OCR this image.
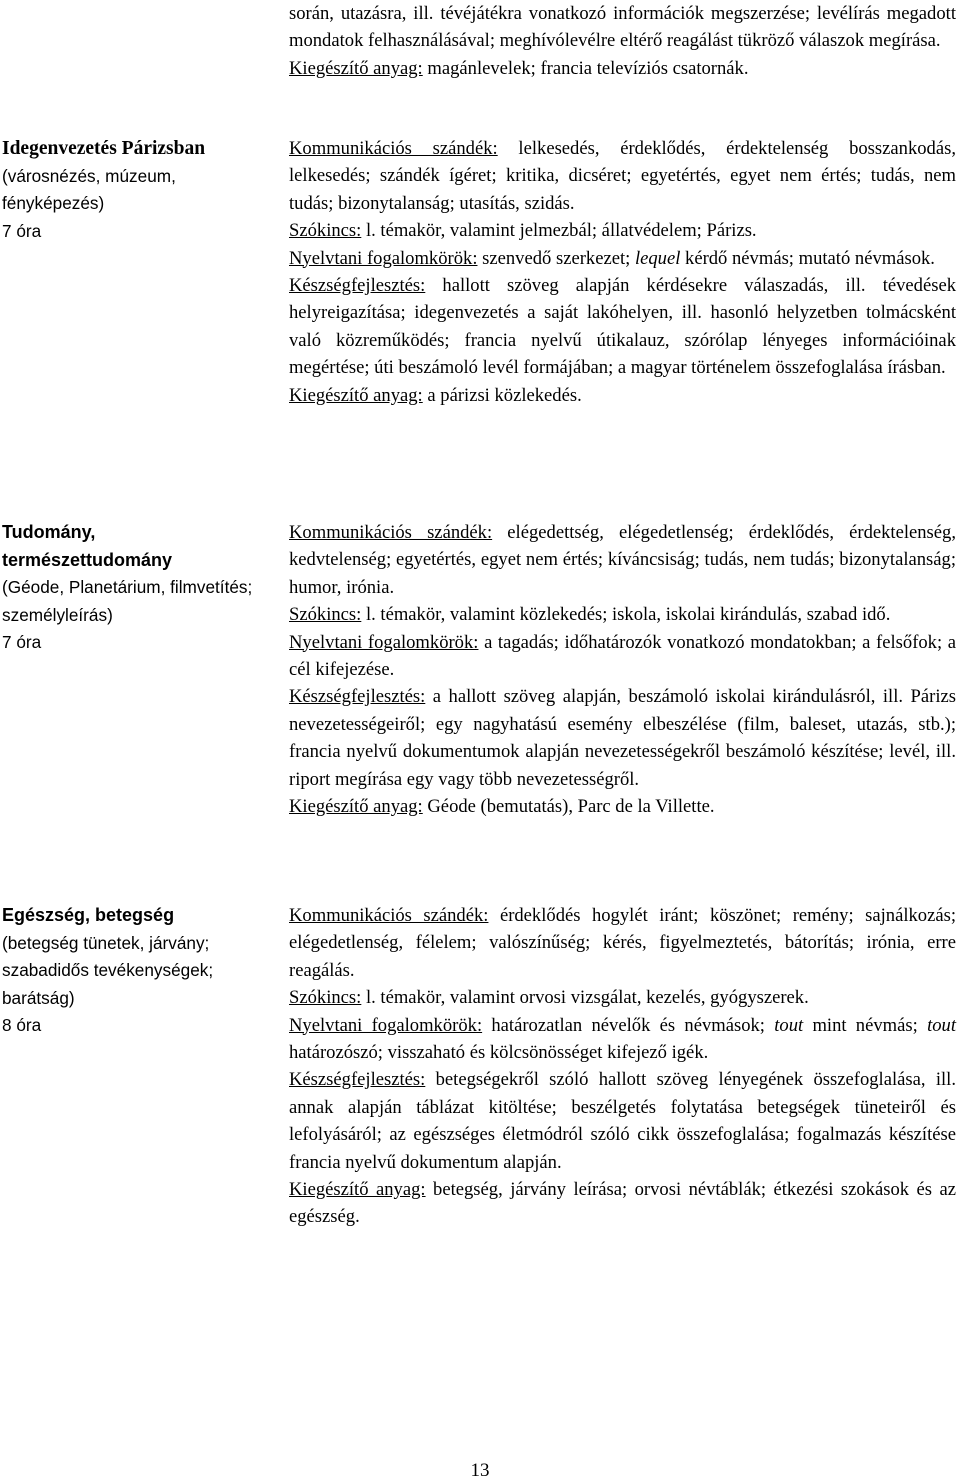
során, utazásra, ill. tévéjátékra vonatkozó információk megszerzése; levélírás megadott mondatok felhasználásával; meghívólevélre eltérő reagálást tükröző válaszok megírása.
Kiegészítő anyag: magánlevelek; francia televíziós csatornák.

Idegenvezetés Párizsban
(városnézés, múzeum, fényképezés)
7 óra

Kommunikációs szándék: lelkesedés, érdeklődés, érdektelenség bosszankodás, lelkesedés; szándék ígéret; kritika, dicséret; egyetértés, egyet nem értés; tudás, nem tudás; bizonytalanság; utasítás, szidás.

Szókincs: l. témakör, valamint jelmezbál; állatvédelem; Párizs.

Nyelvtani fogalomkörök: szenvedő szerkezet; lequel kérdő névmás; mutató névmások.

Készségfejlesztés: hallott szöveg alapján kérdésekre válaszadás, ill. tévedések helyreigazítása; idegenvezetés a saját lakóhelyen, ill. hasonló helyzetben tolmácsként való közreműködés; francia nyelvű útikalauz, szórólap lényeges információinak megértése; úti beszámoló levél formájában; a magyar történelem összefoglalása írásban.

Kiegészítő anyag: a párizsi közlekedés.

Tudomány,
természettudomány
(Géode, Planetárium, filmvetítés; személyleírás)
7 óra

Kommunikációs szándék: elégedettség, elégedetlenség; érdeklődés, érdektelenség, kedvtelenség; egyetértés, egyet nem értés; kíváncsiság; tudás, nem tudás; bizonytalanság; humor, irónia.

Szókincs: l. témakör, valamint közlekedés; iskola, iskolai kirándulás, szabad idő.

Nyelvtani fogalomkörök: a tagadás; időhatározók vonatkozó mondatokban; a felsőfok; a cél kifejezése.

Készségfejlesztés: a hallott szöveg alapján, beszámoló iskolai kirándulásról, ill. Párizs nevezetességeiről; egy nagyhatású esemény elbeszélése (film, baleset, utazás, stb.); francia nyelvű dokumentumok alapján nevezetességekről beszámoló készítése; levél, ill. riport megírása egy vagy több nevezetességről.

Kiegészítő anyag: Géode (bemutatás), Parc de la Villette.

Egészség, betegség
(betegség tünetek, járvány; szabadidős tevékenységek; barátság)
8 óra

Kommunikációs szándék: érdeklődés hogylét iránt; köszönet; remény; sajnálkozás; elégedetlenség, félelem; valószínűség; kérés, figyelmeztetés, bátorítás; irónia, erre reagálás.

Szókincs: l. témakör, valamint orvosi vizsgálat, kezelés, gyógyszerek.

Nyelvtani fogalomkörök: határozatlan névelők és névmások; tout mint névmás; tout határozószó; visszaható és kölcsönösséget kifejező igék.

Készségfejlesztés: betegségekről szóló hallott szöveg lényegének összefoglalása, ill. annak alapján táblázat kitöltése; beszélgetés folytatása betegségek tüneteiről és lefolyásáról; az egészséges életmódról szóló cikk összefoglalása; fogalmazás készítése francia nyelvű dokumentum alapján.

Kiegészítő anyag: betegség, járvány leírása; orvosi névtáblák; étkezési szokások és az egészség.

13
